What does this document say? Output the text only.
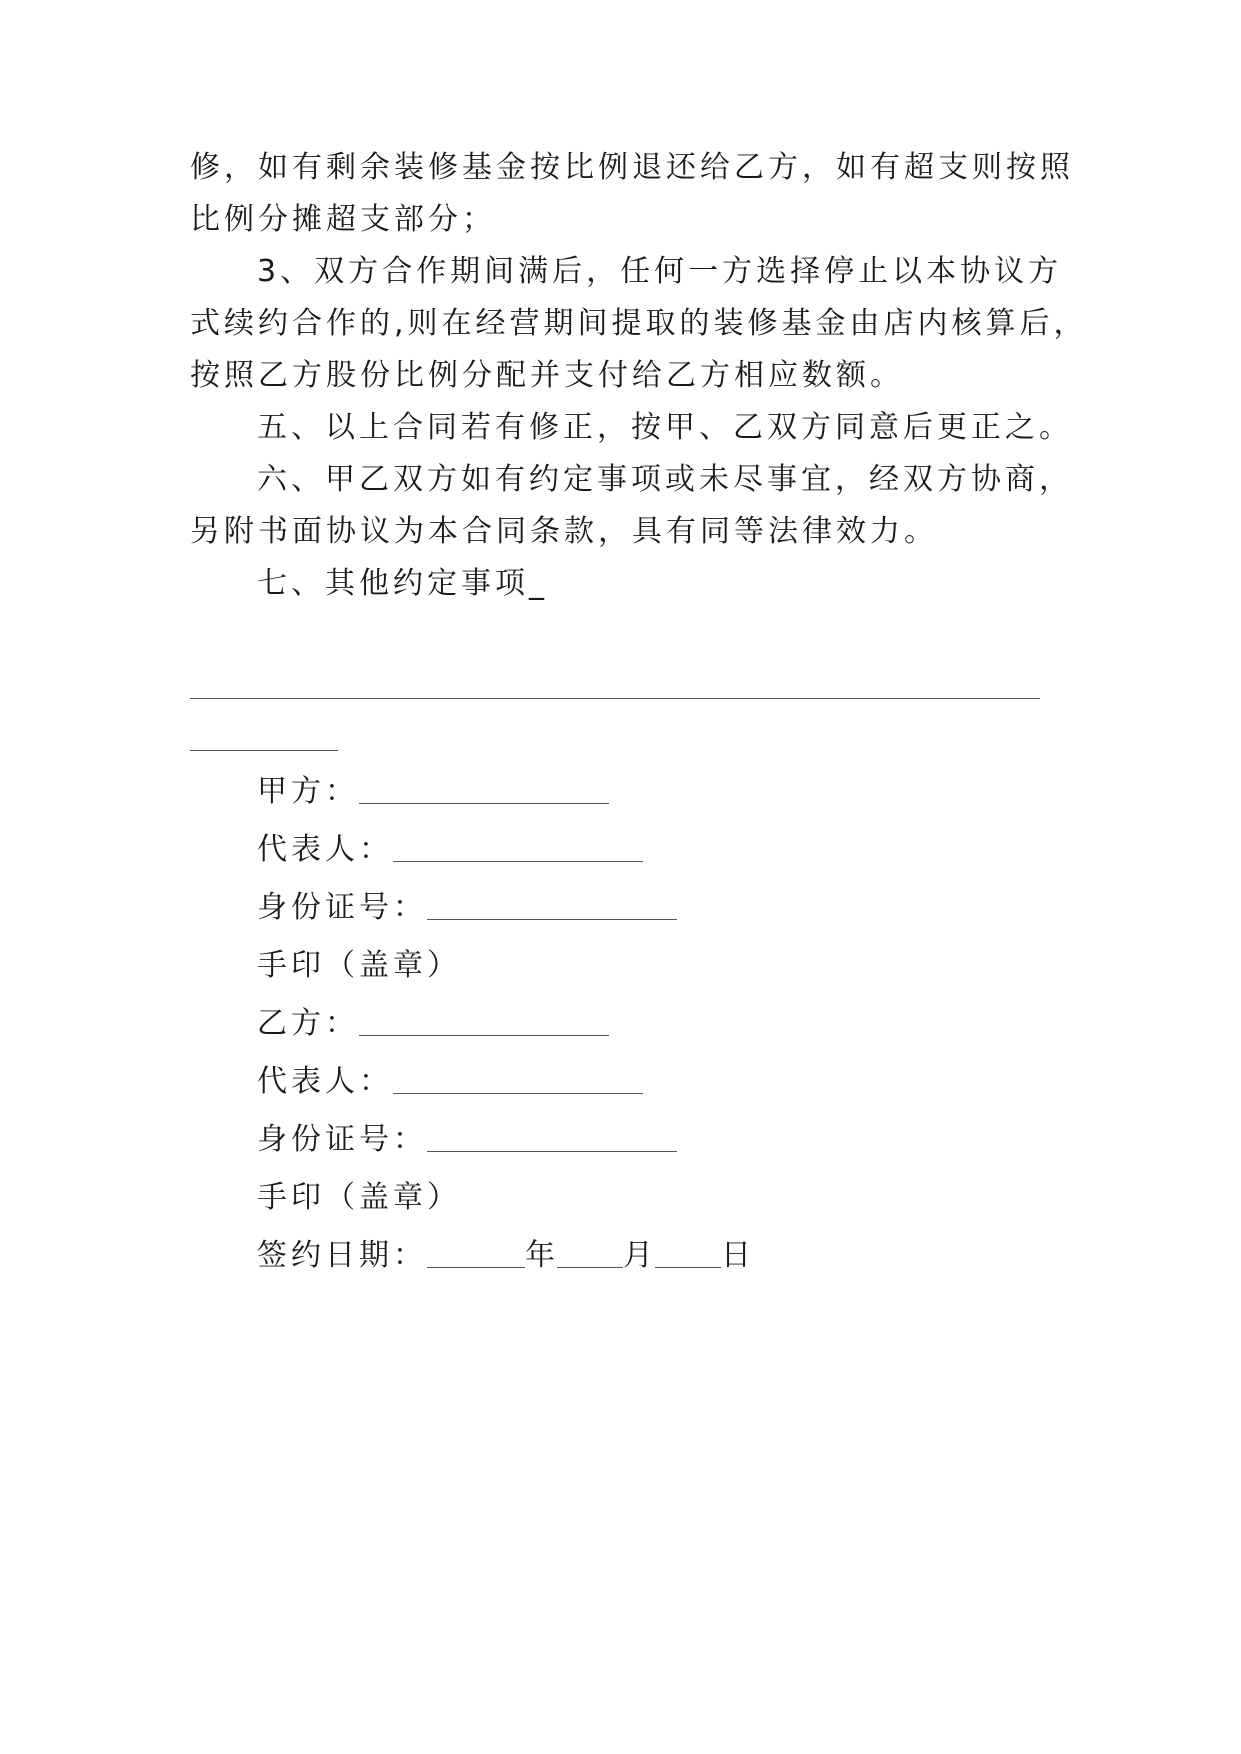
修，如有剩余装修基金按比例退还给乙方，如有超支则按照
比例分摊超支部分；
3、双方合作期间满后，任何一方选择停止以本协议方
式续约合作的,则在经营期间提取的装修基金由店内核算后，
按照乙方股份比例分配并支付给乙方相应数额。
五、以上合同若有修正，按甲、乙双方同意后更正之。
六、甲乙双方如有约定事项或未尽事宜，经双方协商，
另附书面协议为本合同条款，具有同等法律效力。
七、其他约定事项_
甲方：
代表人：
身份证号：
手印（盖章）
乙方：
代表人：
身份证号：
手印（盖章）
签约日期：	年 月 日
